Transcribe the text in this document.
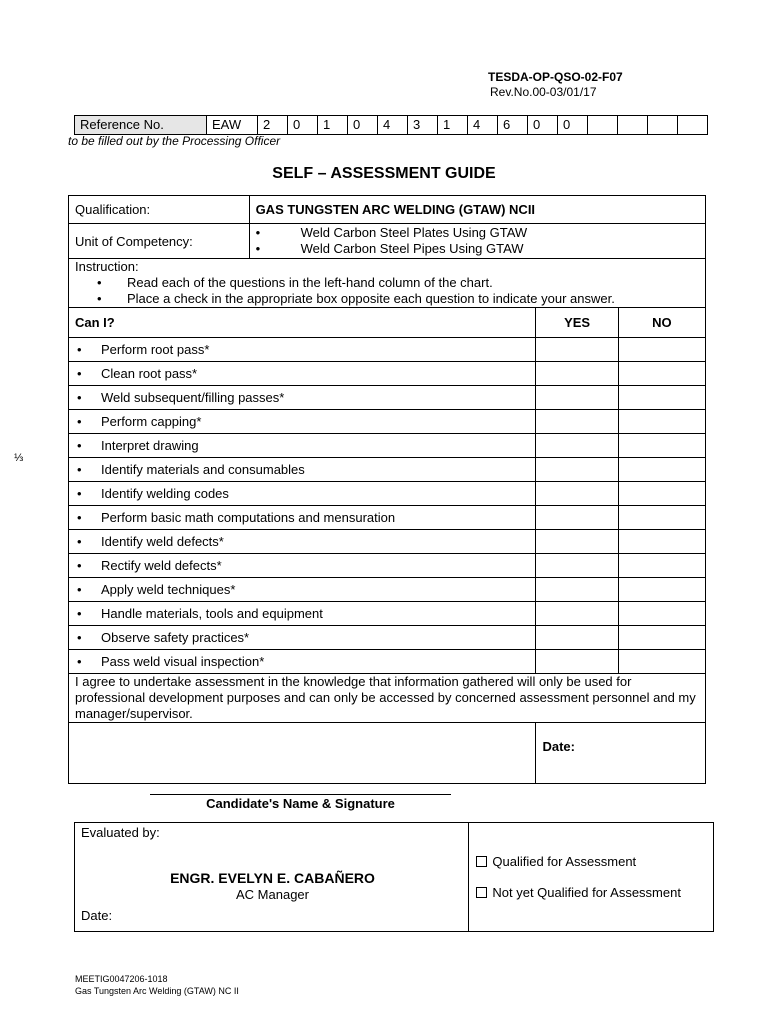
TESDA-OP-QSO-02-F07
Rev.No.00-03/01/17
Reference No.	EAW	2	0	1	0	4	3	1	4	6	0	0				
to be filled out by the Processing Officer
SELF – ASSESSMENT GUIDE
⅓
Qualification:	GAS TUNGSTEN ARC WELDING (GTAW) NCII		
Unit of Competency:	• Weld Carbon Steel Plates Using GTAW
• Weld Carbon Steel Pipes Using GTAW		

Instruction:
• Read each of the questions in the left-hand column of the chart.
• Place a check in the appropriate box opposite each question to indicate your answer.			

Can I?		YES	NO
• Perform root pass*			
• Clean root pass*			
• Weld subsequent/filling passes*			
• Perform capping*			
• Interpret drawing			
• Identify materials and consumables			
• Identify welding codes			
• Perform basic math computations and mensuration			
• Identify weld defects*			
• Rectify weld defects*			
• Apply weld techniques*			
• Handle materials, tools and equipment			
• Observe safety practices*			
• Pass weld visual inspection*			
I agree to undertake assessment in the knowledge that information gathered will only be used for professional development purposes and can only be accessed by concerned assessment personnel and my manager/supervisor.			
		Date:	
Candidate's Name & Signature
Evaluated by:
ENGR. EVELYN E. CABAÑERO
AC Manager
Date:

Qualified for Assessment
Not yet Qualified for Assessment
MEETIG0047206-1018
Gas Tungsten Arc Welding (GTAW) NC II
